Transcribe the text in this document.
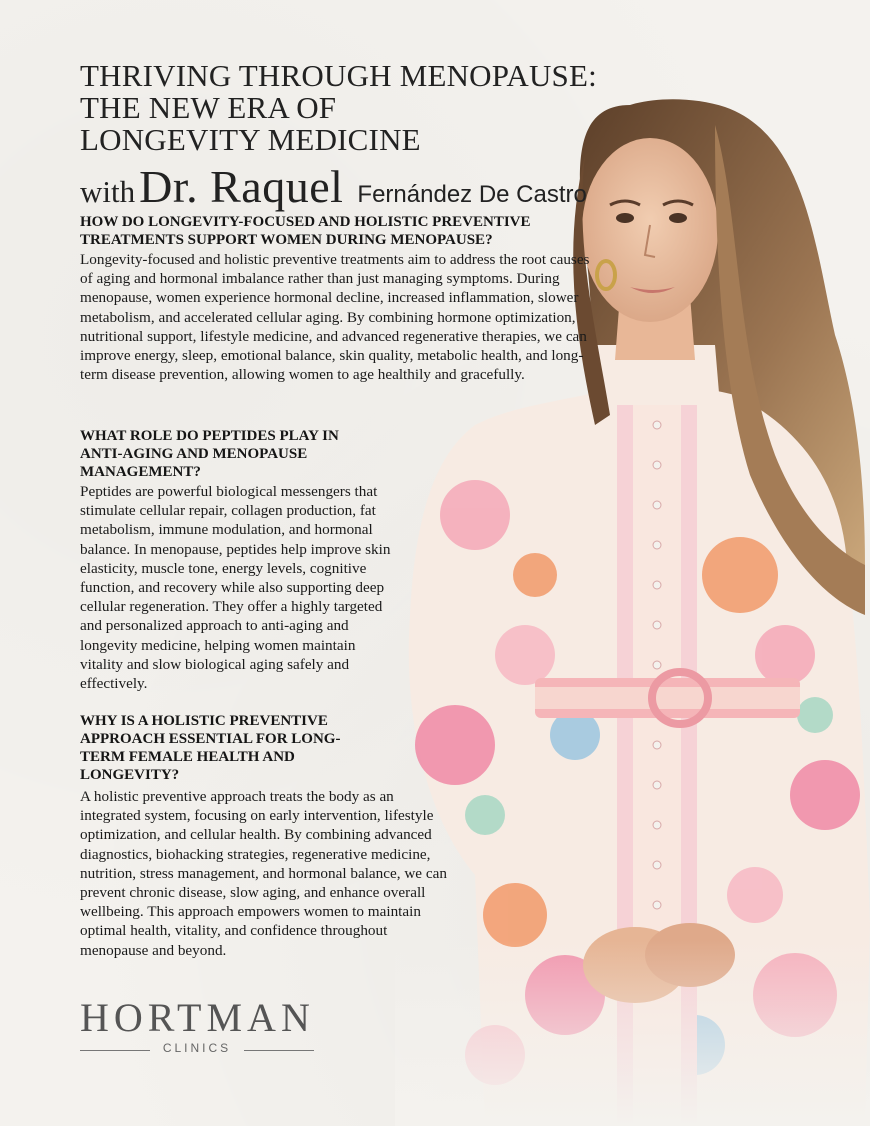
THRIVING THROUGH MENOPAUSE:
THE NEW ERA OF
LONGEVITY MEDICINE
with Dr. Raquel Fernández De Castro
HOW DO LONGEVITY-FOCUSED AND HOLISTIC PREVENTIVE TREATMENTS SUPPORT WOMEN DURING MENOPAUSE?
Longevity-focused and holistic preventive treatments aim to address the root causes of aging and hormonal imbalance rather than just managing symptoms. During menopause, women experience hormonal decline, increased inflammation, slower metabolism, and accelerated cellular aging. By combining hormone optimization, nutritional support, lifestyle medicine, and advanced regenerative therapies, we can improve energy, sleep, emotional balance, skin quality, metabolic health, and long-term disease prevention, allowing women to age healthily and gracefully.
WHAT ROLE DO PEPTIDES PLAY IN ANTI-AGING AND MENOPAUSE MANAGEMENT?
Peptides are powerful biological messengers that stimulate cellular repair, collagen production, fat metabolism, immune modulation, and hormonal balance. In menopause, peptides help improve skin elasticity, muscle tone, energy levels, cognitive function, and recovery while also supporting deep cellular regeneration. They offer a highly targeted and personalized approach to anti-aging and longevity medicine, helping women maintain vitality and slow biological aging safely and effectively.
WHY IS A HOLISTIC PREVENTIVE APPROACH ESSENTIAL FOR LONG-TERM FEMALE HEALTH AND LONGEVITY?
A holistic preventive approach treats the body as an integrated system, focusing on early intervention, lifestyle optimization, and cellular health. By combining advanced diagnostics, biohacking strategies, regenerative medicine, nutrition, stress management, and hormonal balance, we can prevent chronic disease, slow aging, and enhance overall wellbeing. This approach empowers women to maintain optimal health, vitality, and confidence throughout menopause and beyond.
HORTMAN
CLINICS
